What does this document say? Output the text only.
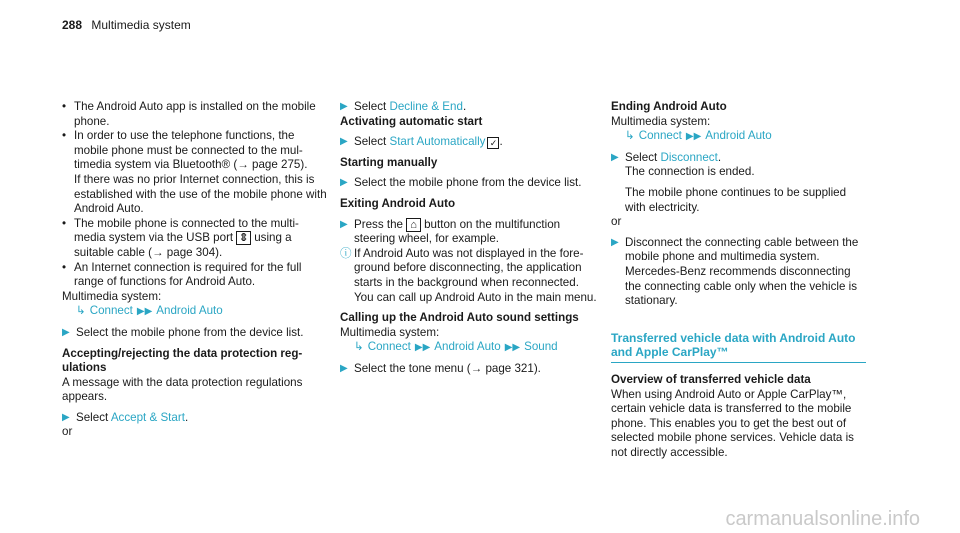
288 Multimedia system
• The Android Auto app is installed on the mobile phone.
• In order to use the telephone functions, the mobile phone must be connected to the mul- timedia system via Bluetooth® (→ page 275).
If there was no prior Internet connection, this is established with the use of the mobile phone with Android Auto.
• The mobile phone is connected to the multi- media system via the USB port ꗊ using a suitable cable (→ page 304).
• An Internet connection is required for the full range of functions for Android Auto.

Multimedia system:

↳ Connect ▶▶ Android Auto
▶ Select the mobile phone from the device list.

Accepting/rejecting the data protection reg- ulations

A message with the data protection regulations appears.

▶ Select Accept & Start.

or

▶ Select Decline & End.

Activating automatic start

▶ Select Start Automatically ✓ .

Starting manually

▶ Select the mobile phone from the device list.

Exiting Android Auto

▶ Press the ⌂ button on the multifunction steering wheel, for example.
ⓘ If Android Auto was not displayed in the fore- ground before disconnecting, the application starts in the background when reconnected. You can call up Android Auto in the main menu.

Calling up the Android Auto sound settings

Multimedia system:

↳ Connect ▶▶ Android Auto ▶▶ Sound
▶ Select the tone menu (→ page 321).

Ending Android Auto

Multimedia system:

↳ Connect ▶▶ Android Auto
▶ Select Disconnect.

The connection is ended.

The mobile phone continues to be supplied with electricity.

or

▶ Disconnect the connecting cable between the mobile phone and multimedia system. Mercedes-Benz recommends disconnecting the connecting cable only when the vehicle is stationary.

Transferred vehicle data with Android Auto and Apple CarPlay™

Overview of transferred vehicle data

When using Android Auto or Apple CarPlay™, certain vehicle data is transferred to the mobile phone. This enables you to get the best out of selected mobile phone services. Vehicle data is not directly accessible.

carmanualsonline.info
